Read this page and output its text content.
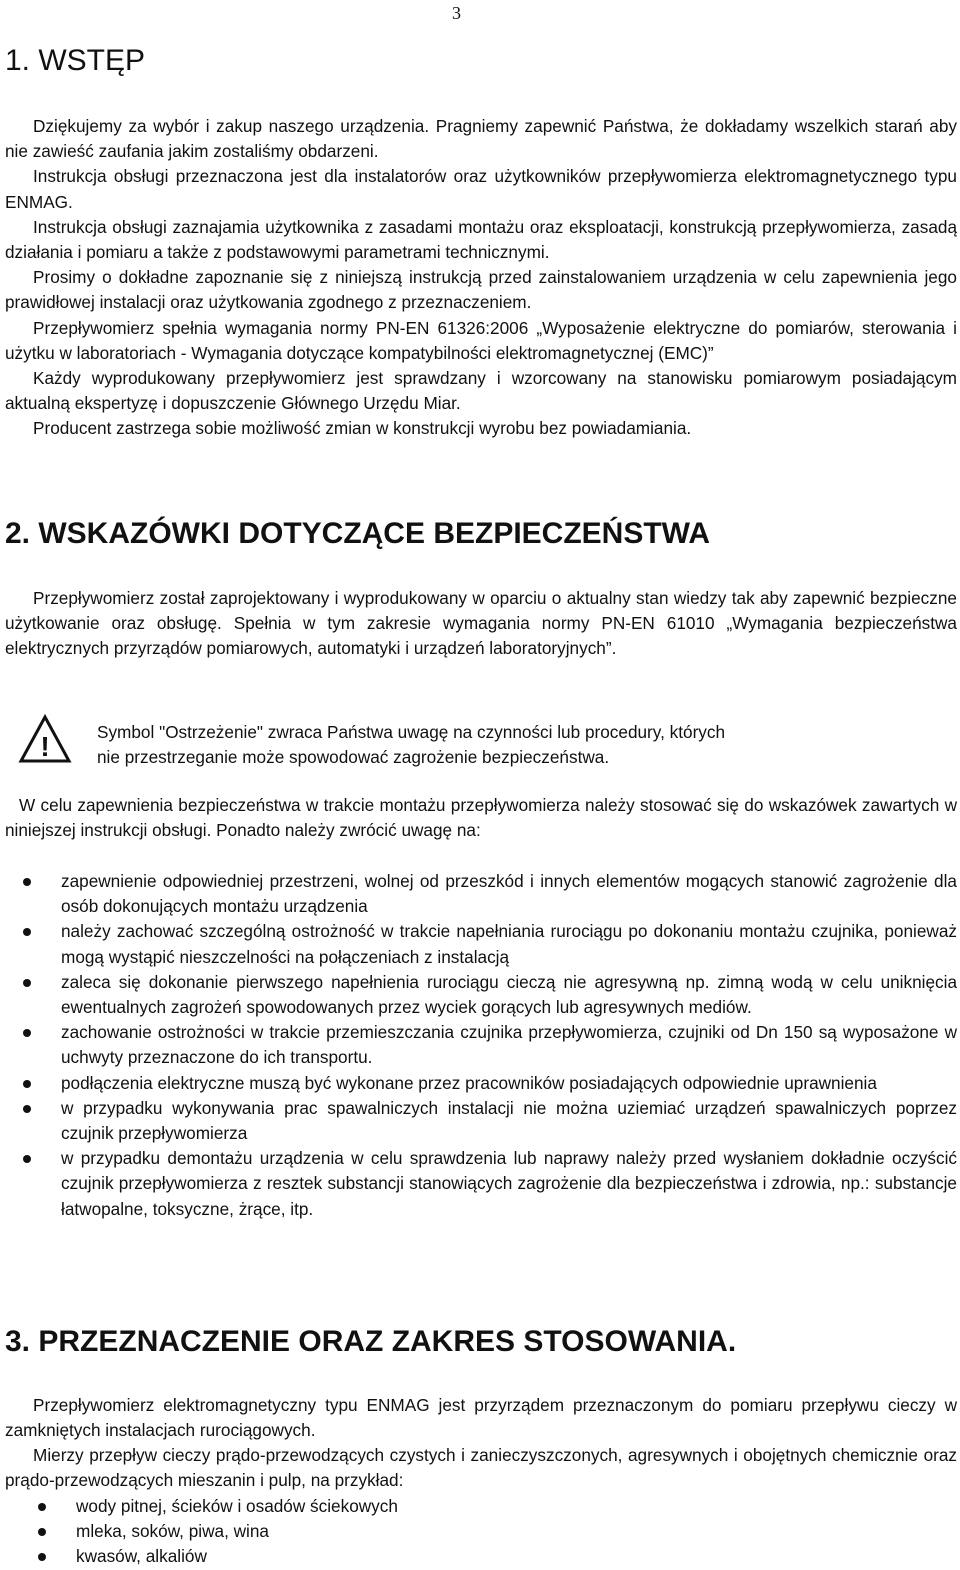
3
1. WSTĘP
Dziękujemy za wybór i zakup naszego urządzenia. Pragniemy zapewnić Państwa, że dokładamy wszelkich starań aby nie zawieść zaufania jakim zostaliśmy obdarzeni.
Instrukcja obsługi przeznaczona jest dla instalatorów oraz użytkowników przepływomierza elektromagnetycznego typu ENMAG.
Instrukcja obsługi zaznajamia użytkownika z zasadami montażu oraz eksploatacji, konstrukcją przepływomierza, zasadą działania i pomiaru a także z podstawowymi parametrami technicznymi.
Prosimy o dokładne zapoznanie się z niniejszą instrukcją przed zainstalowaniem urządzenia w celu zapewnienia jego prawidłowej instalacji oraz użytkowania zgodnego z przeznaczeniem.
Przepływomierz spełnia wymagania normy PN-EN 61326:2006 „Wyposażenie elektryczne do pomiarów, sterowania i użytku w laboratoriach - Wymagania dotyczące kompatybilności elektromagnetycznej (EMC)”
Każdy wyprodukowany przepływomierz jest sprawdzany i wzorcowany na stanowisku pomiarowym posiadającym aktualną ekspertyzę i dopuszczenie Głównego Urzędu Miar.
Producent zastrzega sobie możliwość zmian w konstrukcji wyrobu bez powiadamiania.
2. WSKAZÓWKI DOTYCZĄCE BEZPIECZEŃSTWA

Przepływomierz został zaprojektowany i wyprodukowany w oparciu o aktualny stan wiedzy tak aby zapewnić bezpieczne użytkowanie oraz obsługę. Spełnia w tym zakresie wymagania normy PN-EN 61010 „Wymagania bezpieczeństwa elektrycznych przyrządów pomiarowych, automatyki i urządzeń laboratoryjnych”.

!	Symbol "Ostrzeżenie" zwraca Państwa uwagę na czynności lub procedury, których
nie przestrzeganie może spowodować zagrożenie bezpieczeństwa.

W celu zapewnienia bezpieczeństwa w trakcie montażu przepływomierza należy stosować się do wskazówek zawartych w niniejszej instrukcji obsługi. Ponadto należy zwrócić uwagę na:

zapewnienie odpowiedniej przestrzeni, wolnej od przeszkód i innych elementów mogących stanowić zagrożenie dla osób dokonujących montażu urządzenia
należy zachować szczególną ostrożność w trakcie napełniania rurociągu po dokonaniu montażu czujnika, ponieważ mogą wystąpić nieszczelności na połączeniach z instalacją
zaleca się dokonanie pierwszego napełnienia rurociągu cieczą nie agresywną np. zimną wodą w celu uniknięcia ewentualnych zagrożeń spowodowanych przez wyciek gorących lub agresywnych mediów.
zachowanie ostrożności w trakcie przemieszczania czujnika przepływomierza, czujniki od Dn 150 są wyposażone w uchwyty przeznaczone do ich transportu.
podłączenia elektryczne muszą być wykonane przez pracowników posiadających odpowiednie uprawnienia
w przypadku wykonywania prac spawalniczych instalacji nie można uziemiać urządzeń spawalniczych poprzez czujnik przepływomierza
w przypadku demontażu urządzenia w celu sprawdzenia lub naprawy należy przed wysłaniem dokładnie oczyścić czujnik przepływomierza z resztek substancji stanowiących zagrożenie dla bezpieczeństwa i zdrowia, np.: substancje łatwopalne, toksyczne, żrące, itp.
3. PRZEZNACZENIE ORAZ ZAKRES STOSOWANIA.

Przepływomierz elektromagnetyczny typu ENMAG jest przyrządem przeznaczonym do pomiaru przepływu cieczy w zamkniętych instalacjach rurociągowych.

Mierzy przepływ cieczy prądo-przewodzących czystych i zanieczyszczonych, agresywnych i obojętnych chemicznie oraz prądo-przewodzących mieszanin i pulp, na przykład:

wody pitnej, ścieków i osadów ściekowych
mleka, soków, piwa, wina
kwasów, alkaliów
